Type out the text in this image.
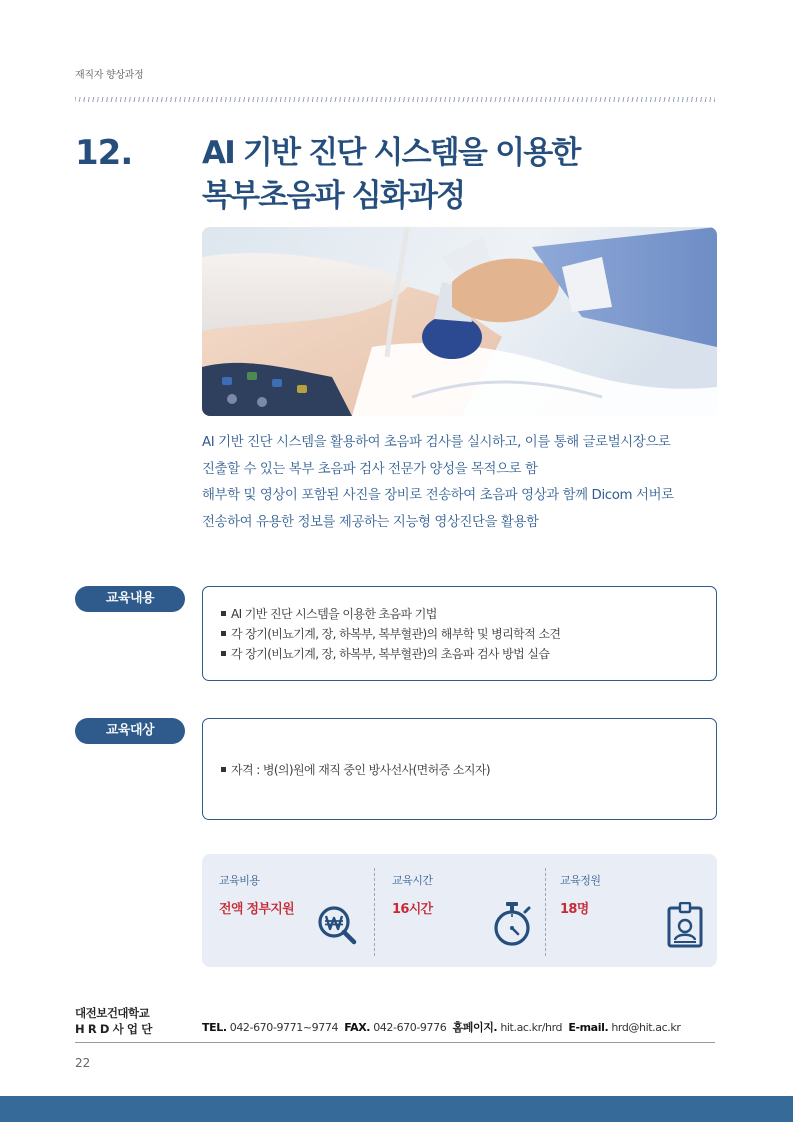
재직자 향상과정
12. AI 기반 진단 시스템을 이용한
복부초음파 심화과정
AI 기반 진단 시스템을 활용하여 초음파 검사를 실시하고, 이를 통해 글로벌시장으로
진출할 수 있는 복부 초음파 검사 전문가 양성을 목적으로 함
해부학 및 영상이 포함된 사진을 장비로 전송하여 초음파 영상과 함께 Dicom 서버로
전송하여 유용한 정보를 제공하는 지능형 영상진단을 활용함
AI 기반 진단 시스템을 이용한 초음파 기법
각 장기(비뇨기계, 장, 하복부, 복부혈관)의 해부학 및 병리학적 소견
각 장기(비뇨기계, 장, 하복부, 복부혈관)의 초음파 검사 방법 실습
교육내용
자격 : 병(의)원에 재직 중인 방사선사(면허증 소지자)
교육대상
교육비용
전액 정부지원
교육시간
16시간
교육정원
18명
대전보건대학교
HRD사업단	TEL. 042-670-9771~9774 FAX. 042-670-9776 홈페이지. hit.ac.kr/hrd E-mail. hrd@hit.ac.kr
22
